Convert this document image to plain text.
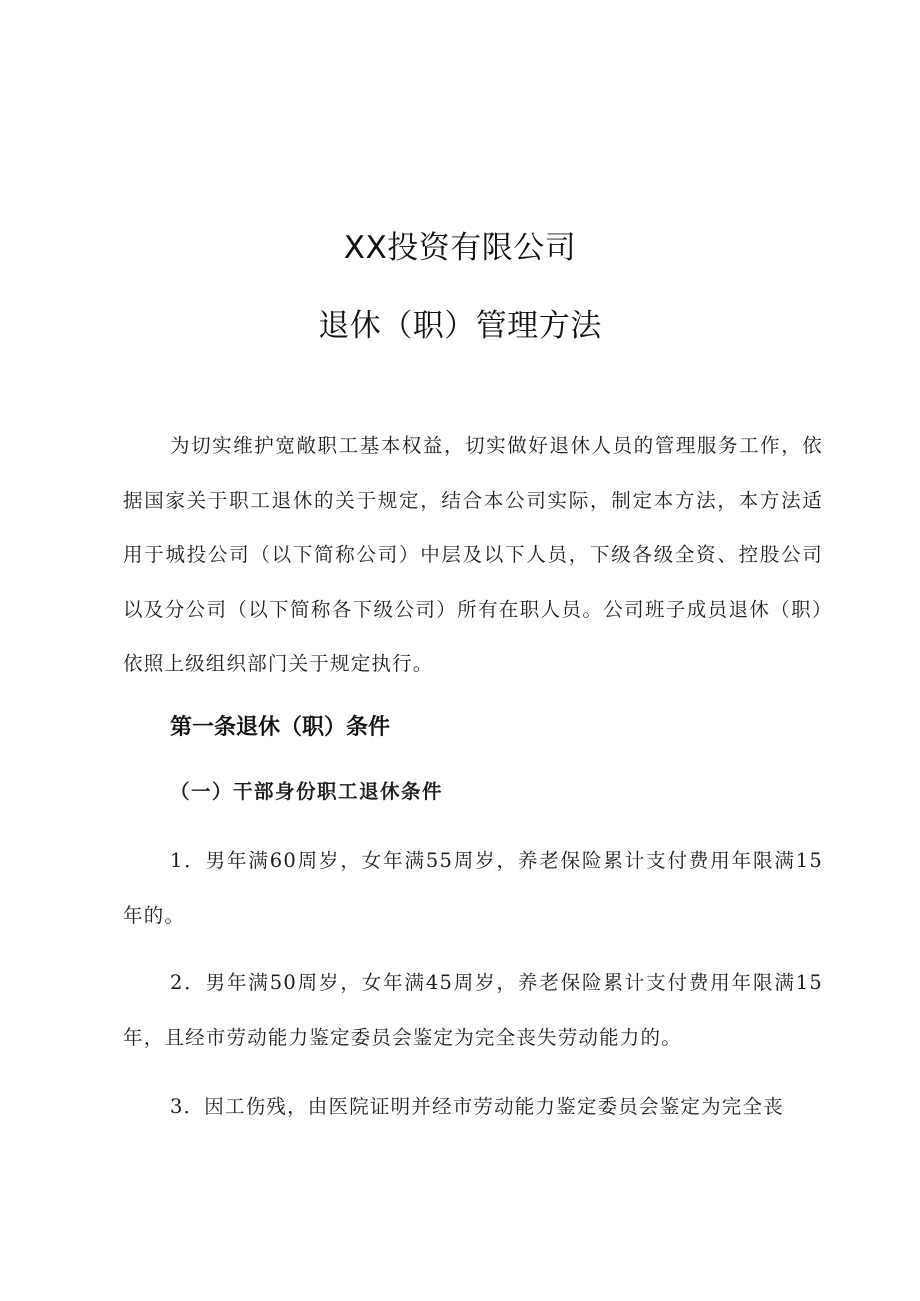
XX投资有限公司
退休（职）管理方法

为切实维护宽敞职工基本权益，切实做好退休人员的管理服务工作，依据国家关于职工退休的关于规定，结合本公司实际，制定本方法，本方法适用于城投公司（以下简称公司）中层及以下人员，下级各级全资、控股公司以及分公司（以下简称各下级公司）所有在职人员。公司班子成员退休（职）依照上级组织部门关于规定执行。

第一条退休（职）条件
（一）干部身份职工退休条件

1．男年满60周岁，女年满55周岁，养老保险累计支付费用年限满15年的。

2．男年满50周岁，女年满45周岁，养老保险累计支付费用年限满15年，且经市劳动能力鉴定委员会鉴定为完全丧失劳动能力的。

3．因工伤残，由医院证明并经市劳动能力鉴定委员会鉴定为完全丧
